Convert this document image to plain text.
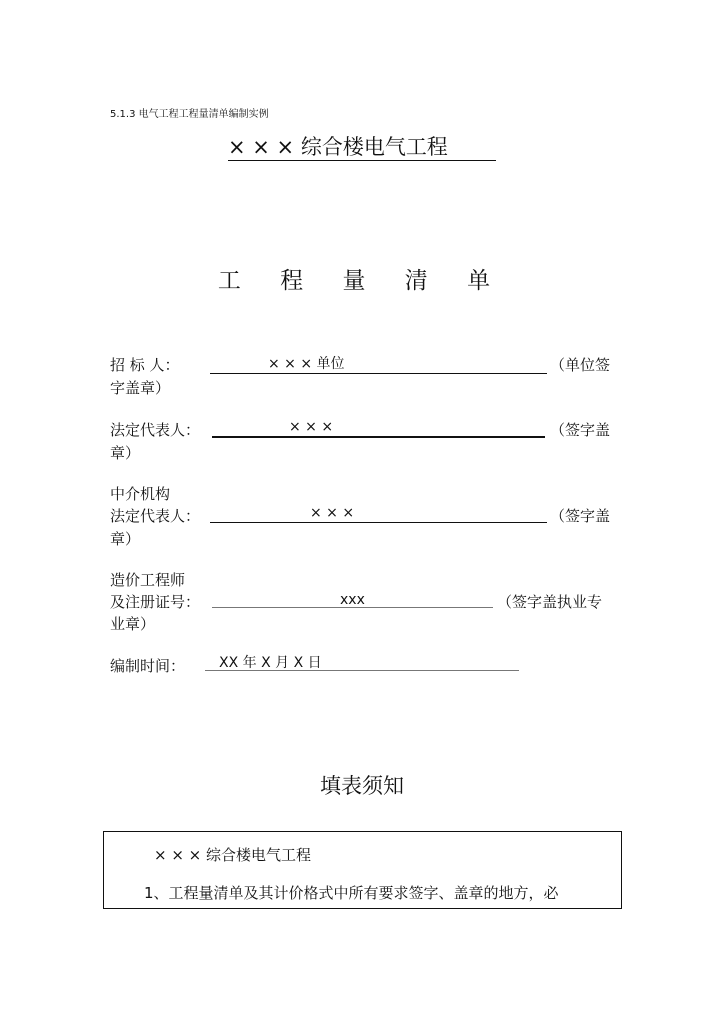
5.1.3 电气工程工程量清单编制实例
× × × 综合楼电气工程
工 程 量 清 单
招 标 人：	× × × 单位	（单位签
字盖章）
法定代表人：	× × ×	（签字盖
章）
中介机构
法定代表人：	× × ×	（签字盖
章）
造价工程师
及注册证号：	xxx	（签字盖执业专
业章）
编制时间： XX 年 X 月 X 日
填表须知
× × × 综合楼电气工程
1、工程量清单及其计价格式中所有要求签字、盖章的地方，必
